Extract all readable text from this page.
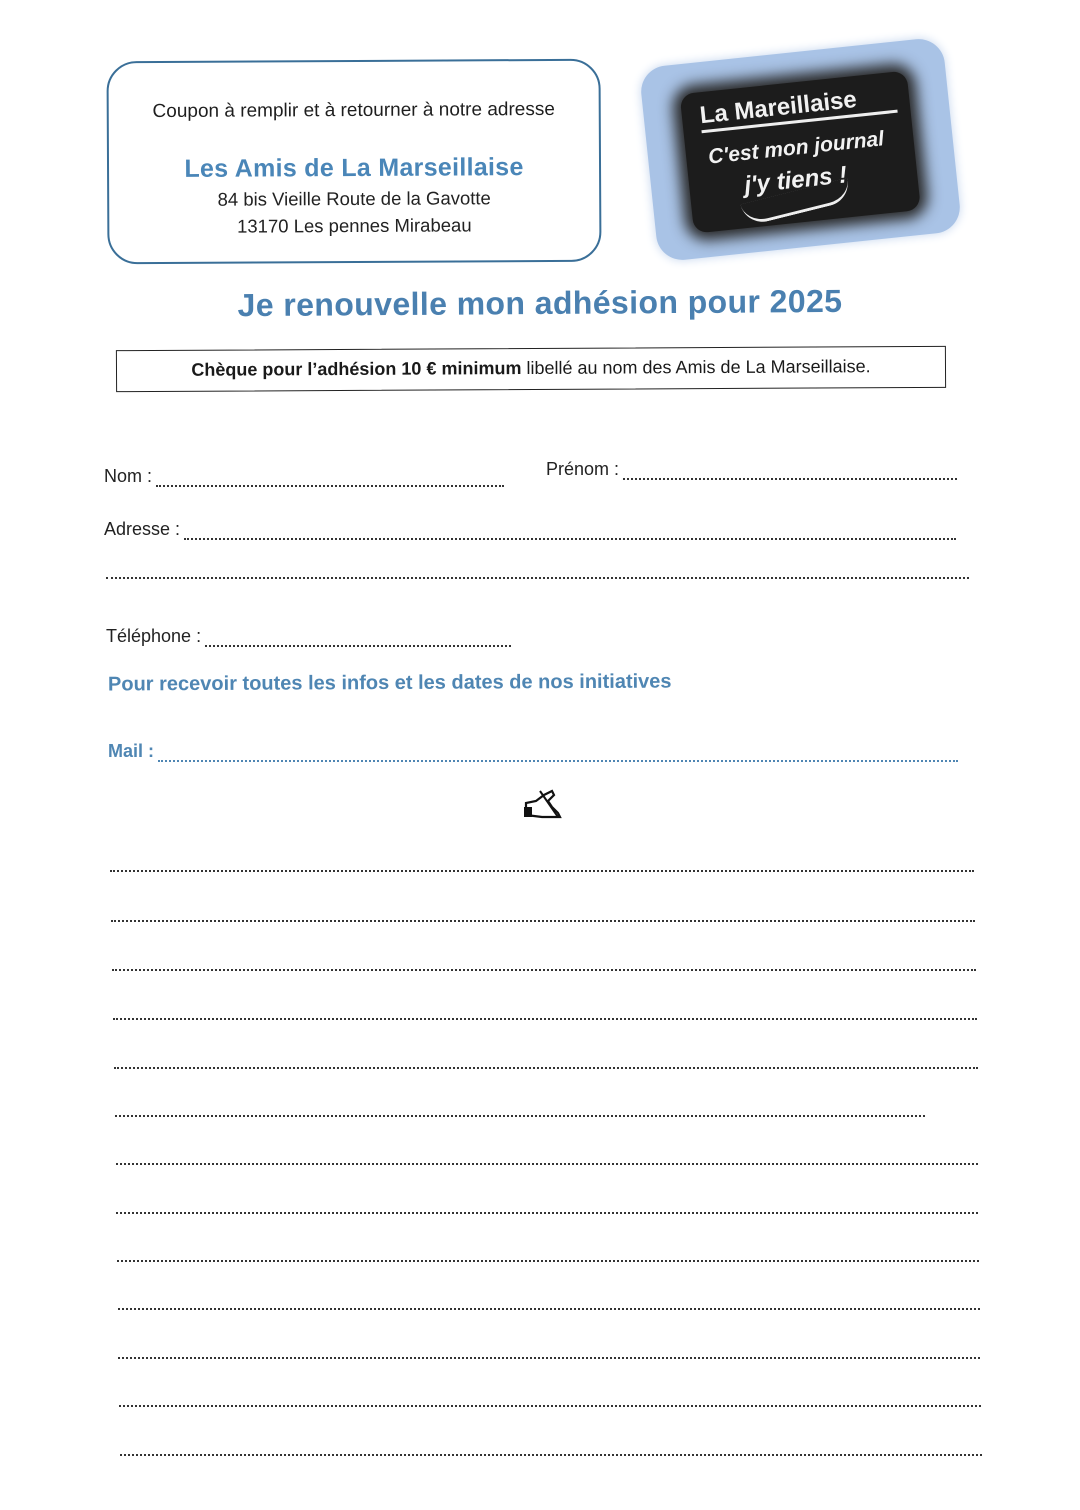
Coupon à remplir et à retourner à notre adresse
Les Amis de La Marseillaise
84 bis Vieille Route de la Gavotte
13170 Les pennes Mirabeau
La Mareillaise
C'est mon journal
j'y tiens !
Je renouvelle mon adhésion pour 2025
Chèque pour l’adhésion 10 € minimum libellé au nom des Amis de La Marseillaise.
Nom :	Prénom :
Adresse :
Téléphone :
Pour recevoir toutes les infos et les dates de nos initiatives
Mail :
